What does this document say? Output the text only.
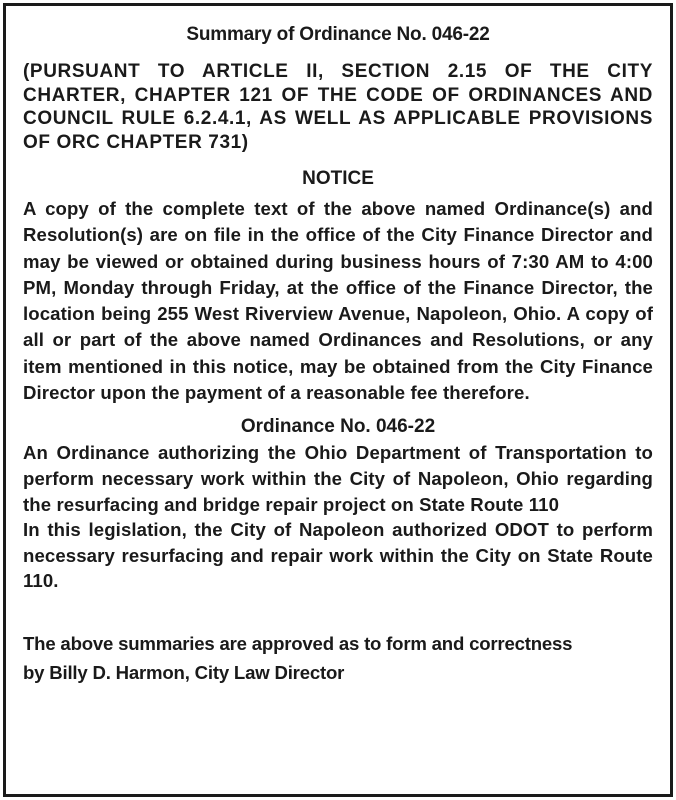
Summary of Ordinance No. 046-22
(PURSUANT TO ARTICLE II, SECTION 2.15 OF THE CITY CHARTER, CHAPTER 121 OF THE CODE OF ORDINANCES AND COUNCIL RULE 6.2.4.1, AS WELL AS APPLICABLE PROVISIONS OF ORC CHAPTER 731)
NOTICE
A copy of the complete text of the above named Ordinance(s) and Resolution(s) are on file in the office of the City Finance Director and may be viewed or obtained during business hours of 7:30 AM to 4:00 PM, Monday through Friday, at the office of the Finance Director, the location being 255 West Riverview Avenue, Napoleon, Ohio. A copy of all or part of the above named Ordinances and Resolutions, or any item mentioned in this notice, may be obtained from the City Finance Director upon the payment of a reasonable fee therefore.
Ordinance No. 046-22
An Ordinance authorizing the Ohio Department of Transportation to perform necessary work within the City of Napoleon, Ohio regarding the resurfacing and bridge repair project on State Route 110
In this legislation, the City of Napoleon authorized ODOT to perform necessary resurfacing and repair work within the City on State Route 110.
The above summaries are approved as to form and correctness
by Billy D. Harmon, City Law Director
